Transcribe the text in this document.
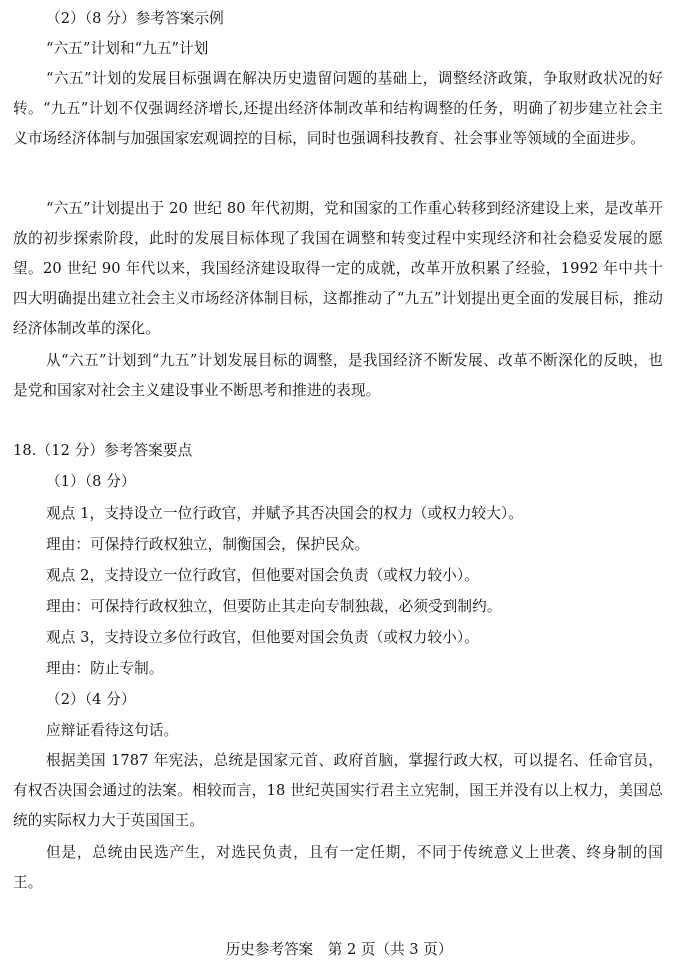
（2）（8 分）参考答案示例

“六五”计划和“九五”计划

“六五”计划的发展目标强调在解决历史遗留问题的基础上，调整经济政策，争取财政状况的好转。“九五”计划不仅强调经济增长,还提出经济体制改革和结构调整的任务，明确了初步建立社会主义市场经济体制与加强国家宏观调控的目标，同时也强调科技教育、社会事业等领域的全面进步。

“六五”计划提出于 20 世纪 80 年代初期，党和国家的工作重心转移到经济建设上来，是改革开放的初步探索阶段，此时的发展目标体现了我国在调整和转变过程中实现经济和社会稳妥发展的愿望。20 世纪 90 年代以来，我国经济建设取得一定的成就，改革开放积累了经验，1992 年中共十四大明确提出建立社会主义市场经济体制目标，这都推动了“九五”计划提出更全面的发展目标，推动经济体制改革的深化。

从“六五”计划到“九五”计划发展目标的调整，是我国经济不断发展、改革不断深化的反映，也是党和国家对社会主义建设事业不断思考和推进的表现。

18.（12 分）参考答案要点

（1）（8 分）

观点 1，支持设立一位行政官，并赋予其否决国会的权力（或权力较大）。

理由：可保持行政权独立，制衡国会，保护民众。

观点 2，支持设立一位行政官，但他要对国会负责（或权力较小）。

理由：可保持行政权独立，但要防止其走向专制独裁，必须受到制约。

观点 3，支持设立多位行政官，但他要对国会负责（或权力较小）。

理由：防止专制。

（2）（4 分）

应辩证看待这句话。

根据美国 1787 年宪法，总统是国家元首、政府首脑，掌握行政大权，可以提名、任命官员，有权否决国会通过的法案。相较而言，18 世纪英国实行君主立宪制，国王并没有以上权力，美国总统的实际权力大于英国国王。

但是，总统由民选产生，对选民负责，且有一定任期，不同于传统意义上世袭、终身制的国王。

历史参考答案　第 2 页（共 3 页）
